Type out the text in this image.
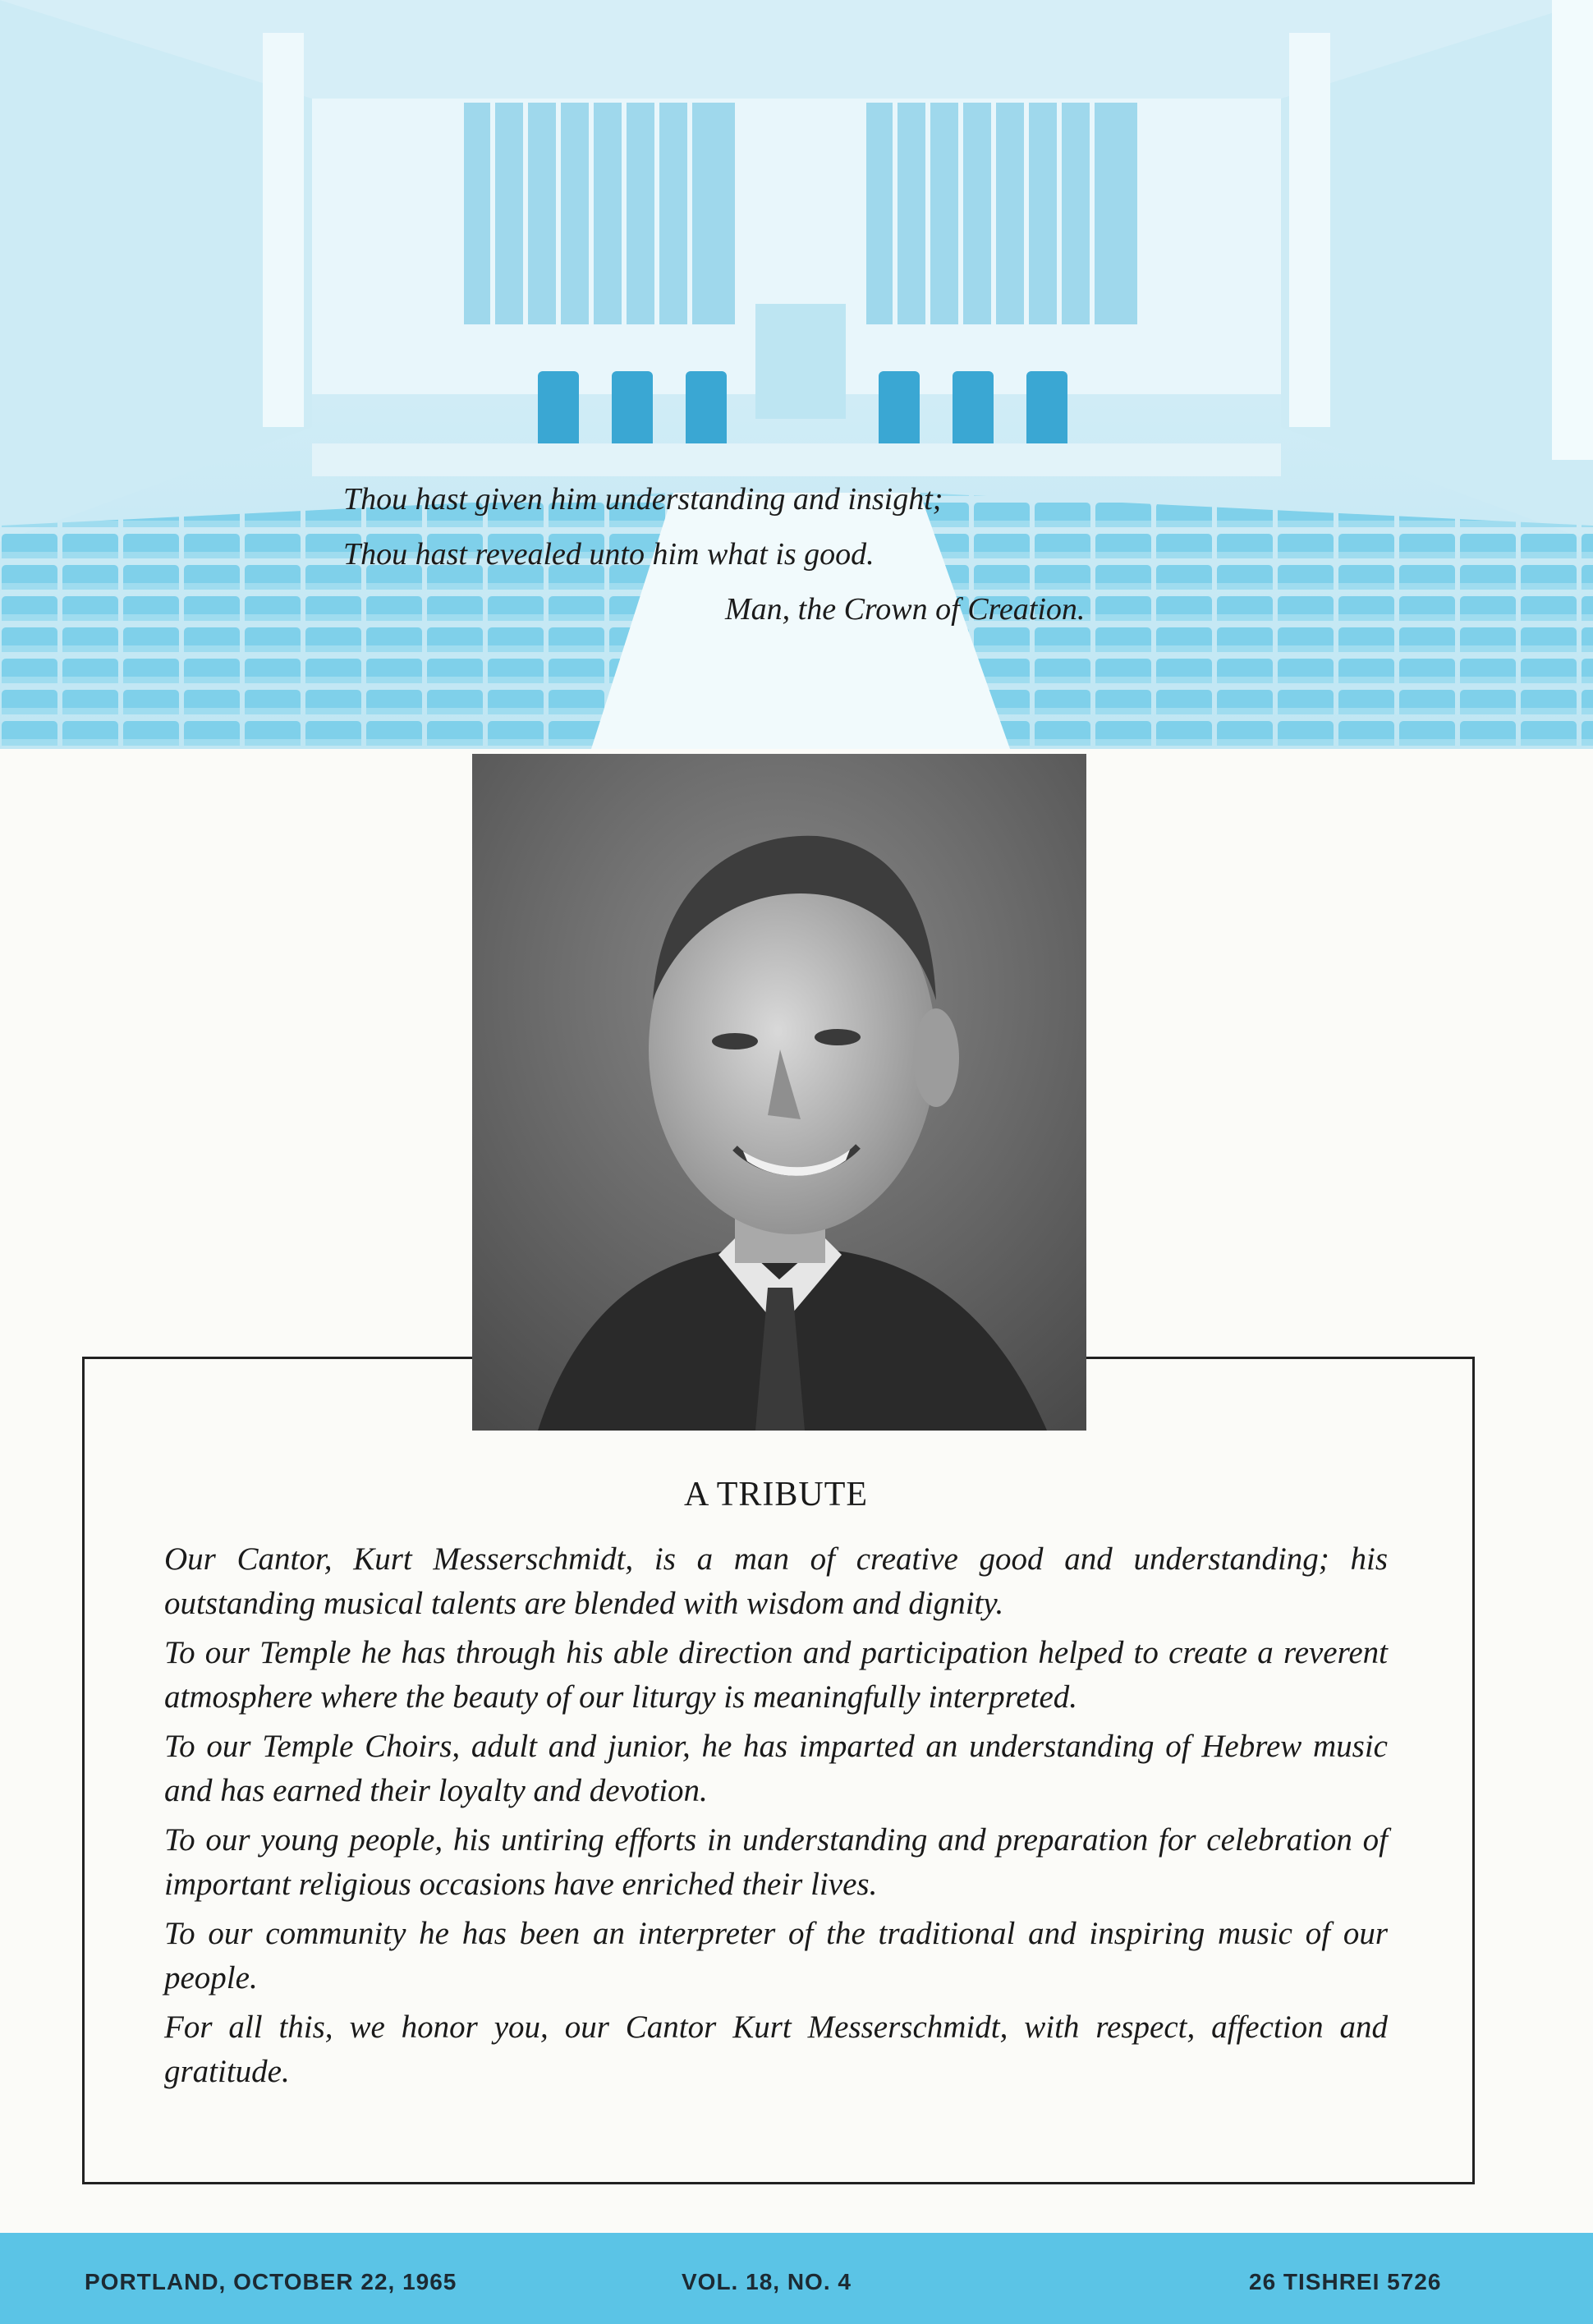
Thou hast given him understanding and insight;
Thou hast revealed unto him what is good.
Man, the Crown of Creation.
A TRIBUTE

Our Cantor, Kurt Messerschmidt, is a man of creative good and understanding; his outstanding musical talents are blended with wisdom and dignity.

To our Temple he has through his able direction and participation helped to create a reverent atmosphere where the beauty of our liturgy is meaningfully interpreted.

To our Temple Choirs, adult and junior, he has imparted an understanding of Hebrew music and has earned their loyalty and devotion.

To our young people, his untiring efforts in understanding and preparation for celebration of important religious occasions have enriched their lives.

To our community he has been an interpreter of the traditional and inspiring music of our people.

For all this, we honor you, our Cantor Kurt Messerschmidt, with respect, affection and gratitude.

PORTLAND, OCTOBER 22, 1965	VOL. 18, NO. 4	26 TISHREI 5726
